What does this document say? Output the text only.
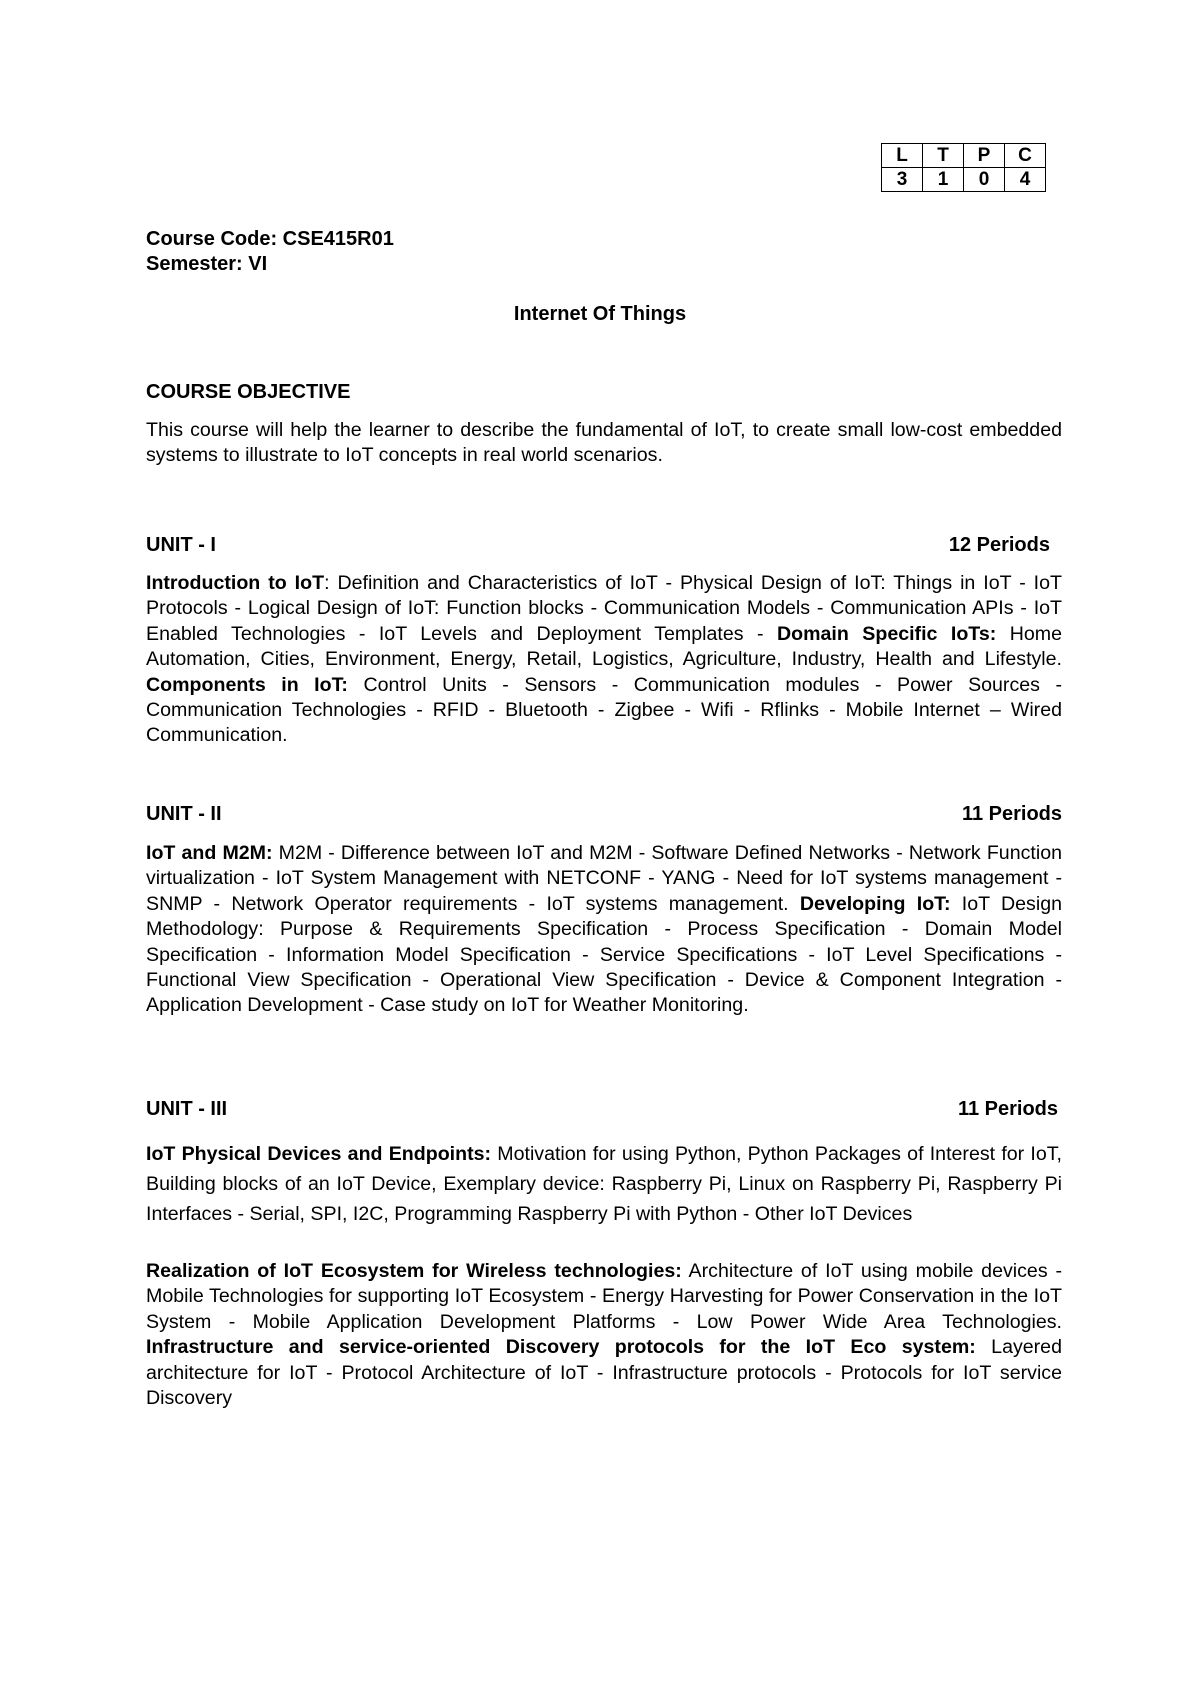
L	T	P	C
3	1	0	4
Course Code: CSE415R01
Semester: VI
Internet Of Things
COURSE OBJECTIVE
This course will help the learner to describe the fundamental of IoT, to create small low-cost embedded systems to illustrate to IoT concepts in real world scenarios.
UNIT - I	12 Periods
Introduction to IoT: Definition and Characteristics of IoT - Physical Design of IoT: Things in IoT - IoT Protocols - Logical Design of IoT: Function blocks - Communication Models - Communication APIs - IoT Enabled Technologies - IoT Levels and Deployment Templates - Domain Specific IoTs: Home Automation, Cities, Environment, Energy, Retail, Logistics, Agriculture, Industry, Health and Lifestyle. Components in IoT: Control Units - Sensors - Communication modules - Power Sources - Communication Technologies - RFID - Bluetooth - Zigbee - Wifi - Rflinks - Mobile Internet – Wired Communication.
UNIT - II	11 Periods
IoT and M2M: M2M - Difference between IoT and M2M - Software Defined Networks - Network Function virtualization - IoT System Management with NETCONF - YANG - Need for IoT systems management - SNMP - Network Operator requirements - IoT systems management. Developing IoT: IoT Design Methodology: Purpose & Requirements Specification - Process Specification - Domain Model Specification - Information Model Specification - Service Specifications - IoT Level Specifications - Functional View Specification - Operational View Specification - Device & Component Integration - Application Development - Case study on IoT for Weather Monitoring.
UNIT - III	11 Periods
IoT Physical Devices and Endpoints: Motivation for using Python, Python Packages of Interest for IoT, Building blocks of an IoT Device, Exemplary device: Raspberry Pi, Linux on Raspberry Pi, Raspberry Pi Interfaces - Serial, SPI, I2C, Programming Raspberry Pi with Python - Other IoT Devices
Realization of IoT Ecosystem for Wireless technologies: Architecture of IoT using mobile devices - Mobile Technologies for supporting IoT Ecosystem - Energy Harvesting for Power Conservation in the IoT System - Mobile Application Development Platforms - Low Power Wide Area Technologies. Infrastructure and service-oriented Discovery protocols for the IoT Eco system: Layered architecture for IoT - Protocol Architecture of IoT - Infrastructure protocols - Protocols for IoT service Discovery
